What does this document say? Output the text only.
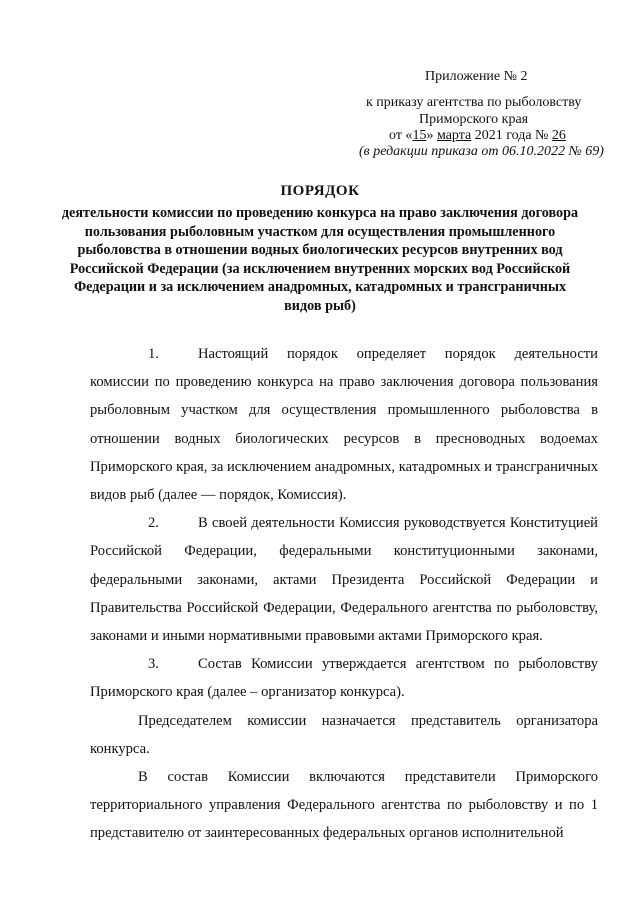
Приложение № 2
к приказу агентства по рыболовству
Приморского края
от «15» марта 2021 года № 26
(в редакции приказа от 06.10.2022 № 69)
ПОРЯДОК
деятельности комиссии по проведению конкурса на право заключения договора пользования рыболовным участком для осуществления промышленного рыболовства в отношении водных биологических ресурсов внутренних вод Российской Федерации (за исключением внутренних морских вод Российской Федерации и за исключением анадромных, катадромных и трансграничных видов рыб)

1.	Настоящий порядок определяет порядок деятельности комиссии по проведению конкурса на право заключения договора пользования рыболовным участком для осуществления промышленного рыболовства в отношении водных биологических ресурсов в пресноводных водоемах Приморского края, за исключением анадромных, катадромных и трансграничных видов рыб (далее — порядок, Комиссия).

2.	В своей деятельности Комиссия руководствуется Конституцией Российской Федерации, федеральными конституционными законами, федеральными законами, актами Президента Российской Федерации и Правительства Российской Федерации, Федерального агентства по рыболовству, законами и иными нормативными правовыми актами Приморского края.

3.	Состав Комиссии утверждается агентством по рыболовству Приморского края (далее – организатор конкурса).

Председателем комиссии назначается представитель организатора конкурса.

В состав Комиссии включаются представители Приморского территориального управления Федерального агентства по рыболовству и по 1 представителю от заинтересованных федеральных органов исполнительной
